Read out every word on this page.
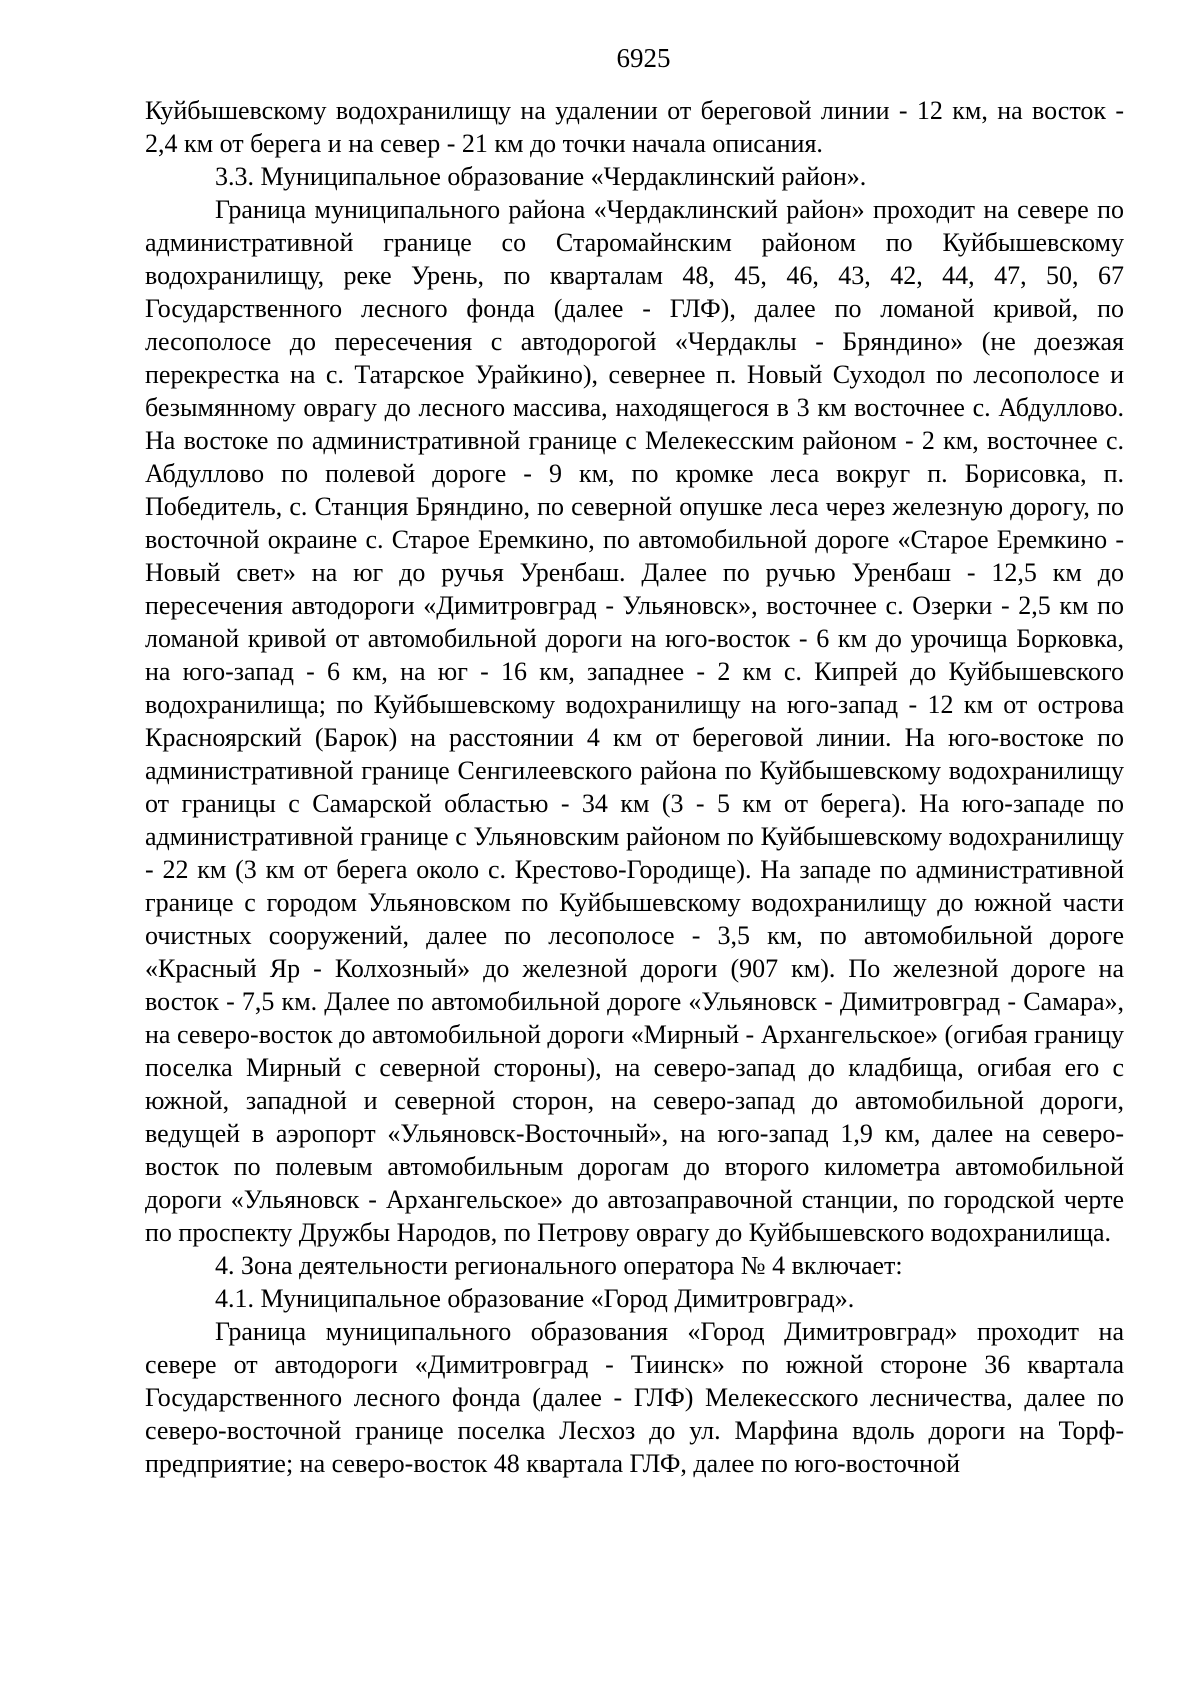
6925

Куйбышевскому водохранилищу на удалении от береговой линии - 12 км, на восток - 2,4 км от берега и на север - 21 км до точки начала описания.

3.3. Муниципальное образование «Чердаклинский район».

Граница муниципального района «Чердаклинский район» проходит на севере по административной границе со Старомайнским районом по Куйбышевскому водохранилищу, реке Урень, по кварталам 48, 45, 46, 43, 42, 44, 47, 50, 67 Государственного лесного фонда (далее - ГЛФ), далее по ломаной кривой, по лесополосе до пересечения с автодорогой «Чердаклы - Бряндино» (не доезжая перекрестка на с. Татарское Урайкино), севернее п. Новый Суходол по лесополосе и безымянному оврагу до лесного массива, находящегося в 3 км восточнее с. Абдуллово. На востоке по административной границе с Мелекесским районом - 2 км, восточнее с. Абдуллово по полевой дороге - 9 км, по кромке леса вокруг п. Борисовка, п. Победитель, с. Станция Бряндино, по северной опушке леса через железную дорогу, по восточной окраине с. Старое Еремкино, по автомобильной дороге «Старое Еремкино - Новый свет» на юг до ручья Уренбаш. Далее по ручью Уренбаш - 12,5 км до пересечения автодороги «Димитровград - Ульяновск», восточнее с. Озерки - 2,5 км по ломаной кривой от автомобильной дороги на юго-восток - 6 км до урочища Борковка, на юго-запад - 6 км, на юг - 16 км, западнее - 2 км с. Кипрей до Куйбышевского водохранилища; по Куйбышевскому водохранилищу на юго-запад - 12 км от острова Красноярский (Барок) на расстоянии 4 км от береговой линии. На юго-востоке по административной границе Сенгилеевского района по Куйбышевскому водохранилищу от границы с Самарской областью - 34 км (3 - 5 км от берега). На юго-западе по административной границе с Ульяновским районом по Куйбышевскому водохранилищу - 22 км (3 км от берега около с. Крестово-Городище). На западе по административной границе с городом Ульяновском по Куйбышевскому водохранилищу до южной части очистных сооружений, далее по лесополосе - 3,5 км, по автомобильной дороге «Красный Яр - Колхозный» до железной дороги (907 км). По железной дороге на восток - 7,5 км. Далее по автомобильной дороге «Ульяновск - Димитровград - Самара», на северо-восток до автомобильной дороги «Мирный - Архангельское» (огибая границу поселка Мирный с северной стороны), на северо-запад до кладбища, огибая его с южной, западной и северной сторон, на северо-запад до автомобильной дороги, ведущей в аэропорт «Ульяновск-Восточный», на юго-запад 1,9 км, далее на северо-восток по полевым автомобильным дорогам до второго километра автомобильной дороги «Ульяновск - Архангельское» до автозаправочной станции, по городской черте по проспекту Дружбы Народов, по Петрову оврагу до Куйбышевского водохранилища.

4. Зона деятельности регионального оператора № 4 включает:

4.1. Муниципальное образование «Город Димитровград».

Граница муниципального образования «Город Димитровград» проходит на севере от автодороги «Димитровград - Тиинск» по южной стороне 36 квартала Государственного лесного фонда (далее - ГЛФ) Мелекесского лесничества, далее по северо-восточной границе поселка Лесхоз до ул. Марфина вдоль дороги на Торф-предприятие; на северо-восток 48 квартала ГЛФ, далее по юго-восточной
